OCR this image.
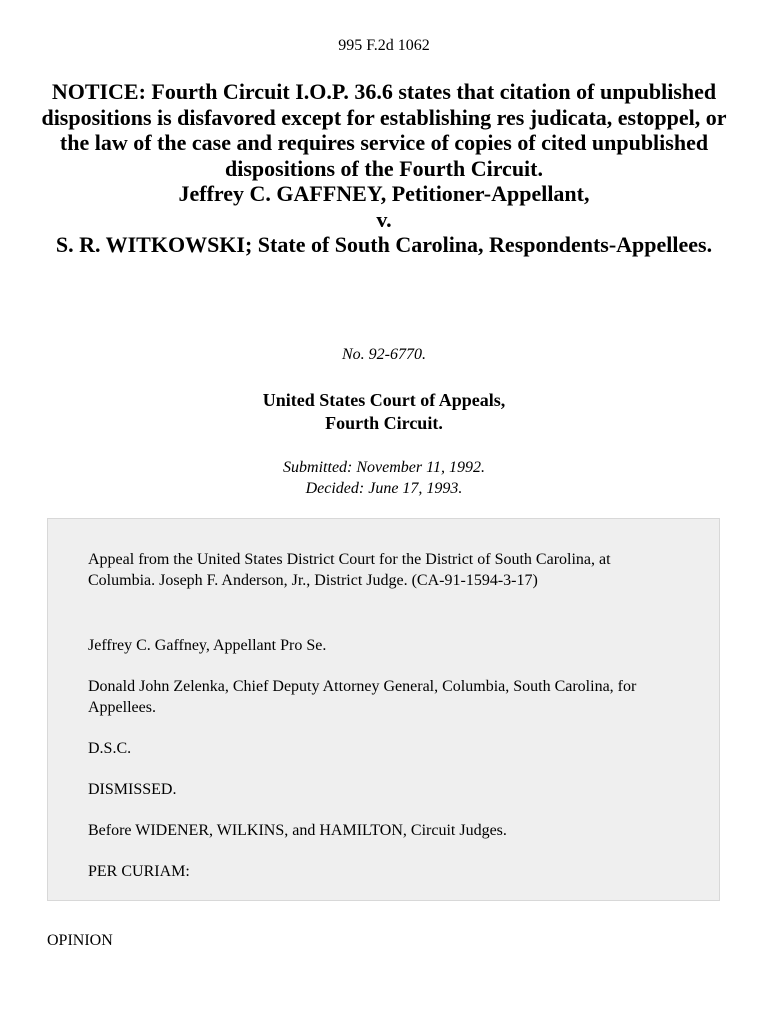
995 F.2d 1062
NOTICE: Fourth Circuit I.O.P. 36.6 states that citation of unpublished dispositions is disfavored except for establishing res judicata, estoppel, or the law of the case and requires service of copies of cited unpublished dispositions of the Fourth Circuit.
Jeffrey C. GAFFNEY, Petitioner-Appellant,
v.
S. R. WITKOWSKI; State of South Carolina, Respondents-Appellees.
No. 92-6770.
United States Court of Appeals,
Fourth Circuit.
Submitted: November 11, 1992.
Decided: June 17, 1993.

Appeal from the United States District Court for the District of South Carolina, at Columbia. Joseph F. Anderson, Jr., District Judge. (CA-91-1594-3-17)

Jeffrey C. Gaffney, Appellant Pro Se.

Donald John Zelenka, Chief Deputy Attorney General, Columbia, South Carolina, for Appellees.

D.S.C.

DISMISSED.

Before WIDENER, WILKINS, and HAMILTON, Circuit Judges.

PER CURIAM:

OPINION
